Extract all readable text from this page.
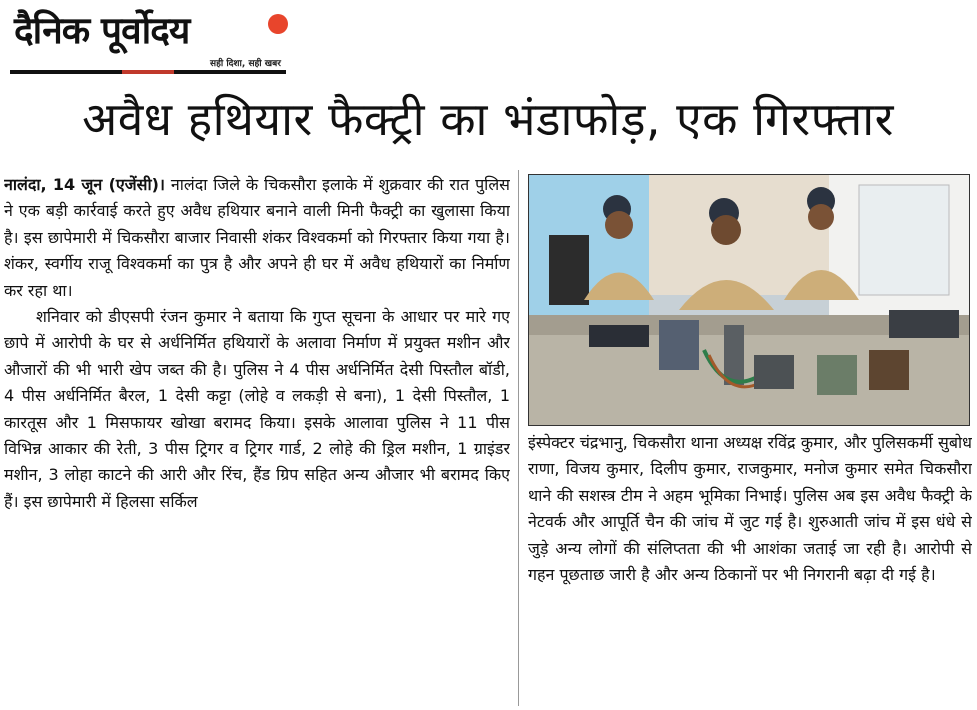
दैनिक पूर्वोदय
सही दिशा, सही खबर
अवैध हथियार फैक्ट्री का भंडाफोड़, एक गिरफ्तार

नालंदा, 14 जून (एजेंसी)। नालंदा जिले के चिकसौरा इलाके में शुक्रवार की रात पुलिस ने एक बड़ी कार्रवाई करते हुए अवैध हथियार बनाने वाली मिनी फैक्ट्री का खुलासा किया है। इस छापेमारी में चिकसौरा बाजार निवासी शंकर विश्वकर्मा को गिरफ्तार किया गया है। शंकर, स्वर्गीय राजू विश्वकर्मा का पुत्र है और अपने ही घर में अवैध हथियारों का निर्माण कर रहा था।

शनिवार को डीएसपी रंजन कुमार ने बताया कि गुप्त सूचना के आधार पर मारे गए छापे में आरोपी के घर से अर्धनिर्मित हथियारों के अलावा निर्माण में प्रयुक्त मशीन और औजारों की भी भारी खेप जब्त की है। पुलिस ने 4 पीस अर्धनिर्मित देसी पिस्तौल बॉडी, 4 पीस अर्धनिर्मित बैरल, 1 देसी कट्टा (लोहे व लकड़ी से बना), 1 देसी पिस्तौल, 1 कारतूस और 1 मिसफायर खोखा बरामद किया। इसके आलावा पुलिस ने 11 पीस विभिन्न आकार की रेती, 3 पीस ट्रिगर व ट्रिगर गार्ड, 2 लोहे की ड्रिल मशीन, 1 ग्राइंडर मशीन, 3 लोहा काटने की आरी और रिंच, हैंड ग्रिप सहित अन्य औजार भी बरामद किए हैं। इस छापेमारी में हिलसा सर्किल

इंस्पेक्टर चंद्रभानु, चिकसौरा थाना अध्यक्ष रविंद्र कुमार, और पुलिसकर्मी सुबोध राणा, विजय कुमार, दिलीप कुमार, राजकुमार, मनोज कुमार समेत चिकसौरा थाने की सशस्त्र टीम ने अहम भूमिका निभाई। पुलिस अब इस अवैध फैक्ट्री के नेटवर्क और आपूर्ति चैन की जांच में जुट गई है। शुरुआती जांच में इस धंधे से जुड़े अन्य लोगों की संलिप्तता की भी आशंका जताई जा रही है। आरोपी से गहन पूछताछ जारी है और अन्य ठिकानों पर भी निगरानी बढ़ा दी गई है।
